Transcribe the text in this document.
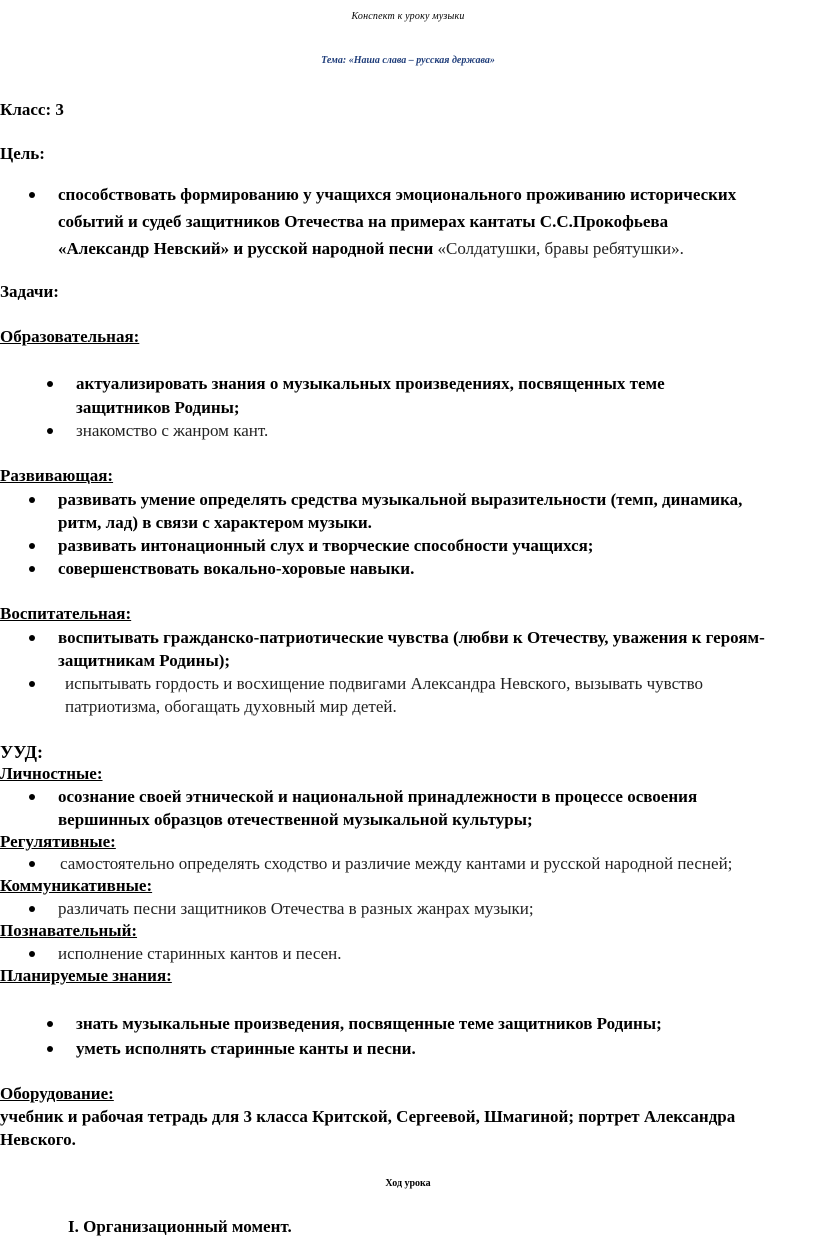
Конспект к уроку музыки
Тема: «Наша слава – русская держава»
Класс: 3
Цель:
способствовать формированию у учащихся эмоционального проживанию исторических
событий и судеб защитников Отечества на примерах кантаты С.С.Прокофьева
«Александр Невский» и русской народной песни «Солдатушки, бравы ребятушки».
Задачи:
Образовательная:
актуализировать знания о музыкальных произведениях, посвященных теме
защитников Родины;
знакомство с жанром кант.
Развивающая:
развивать умение определять средства музыкальной выразительности (темп, динамика,
ритм, лад) в связи с характером музыки.
развивать интонационный слух и творческие способности учащихся;
совершенствовать вокально-хоровые навыки.
Воспитательная:
воспитывать гражданско-патриотические чувства (любви к Отечеству, уважения к героям-
защитникам Родины);
испытывать гордость и восхищение подвигами Александра Невского, вызывать чувство
патриотизма, обогащать духовный мир детей.
УУД:
Личностные:
осознание своей этнической и национальной принадлежности в процессе освоения
вершинных образцов отечественной музыкальной культуры;
Регулятивные:
самостоятельно определять сходство и различие между кантами и русской народной песней;
Коммуникативные:
различать песни защитников Отечества в разных жанрах музыки;
Познавательный:
исполнение старинных кантов и песен.
Планируемые знания:
знать музыкальные произведения, посвященные теме защитников Родины;
уметь исполнять старинные канты и песни.
Оборудование:
учебник и рабочая тетрадь для 3 класса Критской, Сергеевой, Шмагиной; портрет Александра
Невского.
Ход урока
I. Организационный момент.
